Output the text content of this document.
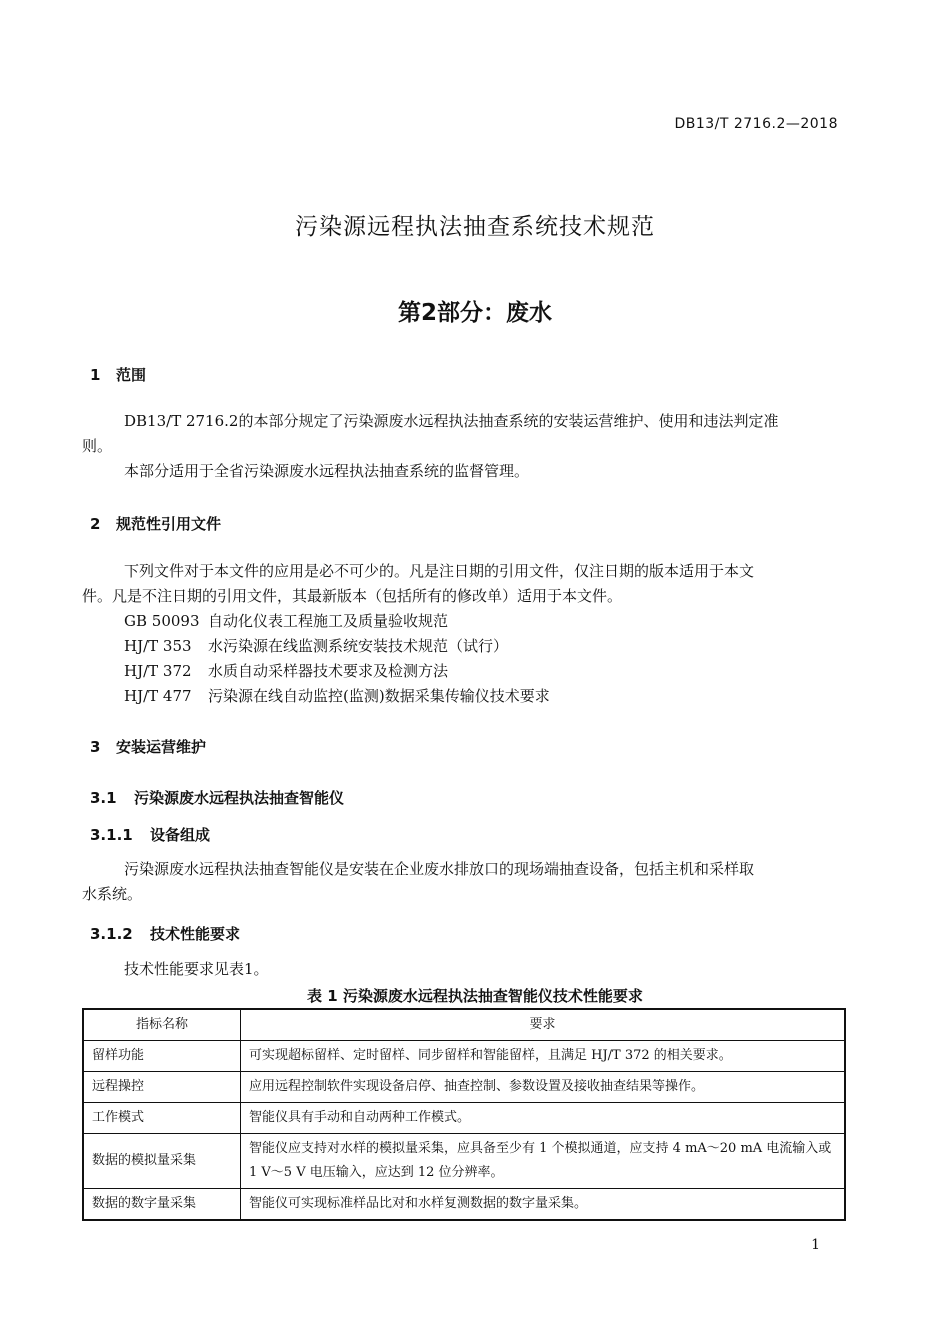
DB13/T 2716.2—2018
污染源远程执法抽查系统技术规范
第2部分：废水
1 范围
DB13/T 2716.2的本部分规定了污染源废水远程执法抽查系统的安装运营维护、使用和违法判定准
则。
本部分适用于全省污染源废水远程执法抽查系统的监督管理。
2 规范性引用文件
下列文件对于本文件的应用是必不可少的。凡是注日期的引用文件，仅注日期的版本适用于本文
件。凡是不注日期的引用文件，其最新版本（包括所有的修改单）适用于本文件。
GB 50093 自动化仪表工程施工及质量验收规范
HJ/T 353 水污染源在线监测系统安装技术规范（试行）
HJ/T 372 水质自动采样器技术要求及检测方法
HJ/T 477 污染源在线自动监控(监测)数据采集传输仪技术要求
3 安装运营维护
3.1 污染源废水远程执法抽查智能仪
3.1.1 设备组成
污染源废水远程执法抽查智能仪是安装在企业废水排放口的现场端抽查设备，包括主机和采样取
水系统。
3.1.2 技术性能要求
技术性能要求见表1。
表 1 污染源废水远程执法抽查智能仪技术性能要求
指标名称	要求
留样功能	可实现超标留样、定时留样、同步留样和智能留样，且满足 HJ/T 372 的相关要求。
远程操控	应用远程控制软件实现设备启停、抽查控制、参数设置及接收抽查结果等操作。
工作模式	智能仪具有手动和自动两种工作模式。
数据的模拟量采集	智能仪应支持对水样的模拟量采集，应具备至少有 1 个模拟通道，应支持 4 mA～20 mA 电流输入或 1 V～5 V 电压输入，应达到 12 位分辨率。
数据的数字量采集	智能仪可实现标准样品比对和水样复测数据的数字量采集。
1
